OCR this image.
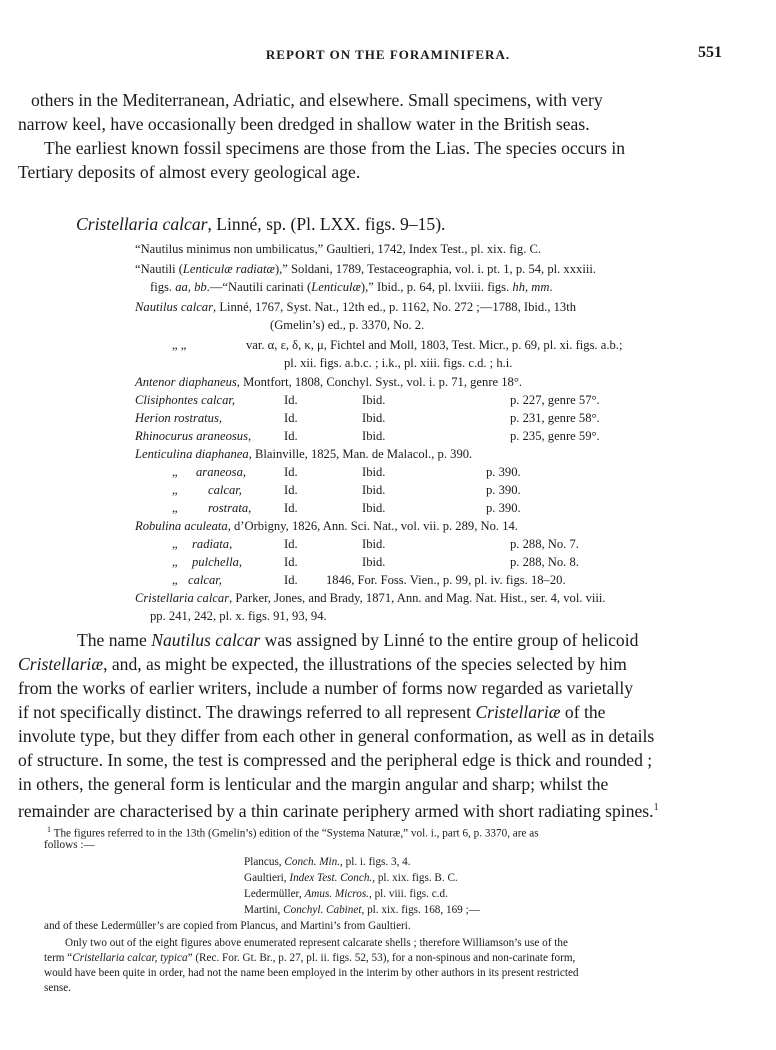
REPORT ON THE FORAMINIFERA.	551
others in the Mediterranean, Adriatic, and elsewhere. Small specimens, with very
narrow keel, have occasionally been dredged in shallow water in the British seas.
The earliest known fossil specimens are those from the Lias. The species occurs in
Tertiary deposits of almost every geological age.
Cristellaria calcar, Linné, sp. (Pl. LXX. figs. 9–15).
“Nautilus minimus non umbilicatus,” Gaultieri, 1742, Index Test., pl. xix. fig. C.
“Nautili (Lenticulæ radiatæ),” Soldani, 1789, Testaceographia, vol. i. pt. 1, p. 54, pl. xxxiii.
figs. aa, bb.—“Nautili carinati (Lenticulæ),” Ibid., p. 64, pl. lxviii. figs. hh, mm.
Nautilus calcar, Linné, 1767, Syst. Nat., 12th ed., p. 1162, No. 272 ;—1788, Ibid., 13th
(Gmelin’s) ed., p. 3370, No. 2.
„ „	var. α, ε, δ, κ, μ, Fichtel and Moll, 1803, Test. Micr., p. 69, pl. xi. figs. a.b.;
pl. xii. figs. a.b.c. ; i.k., pl. xiii. figs. c.d. ; h.i.
Antenor diaphaneus, Montfort, 1808, Conchyl. Syst., vol. i. p. 71, genre 18°.
Clisiphontes calcar,	Id.	Ibid.	p. 227, genre 57°.
Herion rostratus,	Id.	Ibid.	p. 231, genre 58°.
Rhinocurus araneosus,	Id.	Ibid.	p. 235, genre 59°.
Lenticulina diaphanea, Blainville, 1825, Man. de Malacol., p. 390.
„ araneosa,	Id.	Ibid.	p. 390.
„ calcar,	Id.	Ibid.	p. 390.
„ rostrata,	Id.	Ibid.	p. 390.
Robulina aculeata, d’Orbigny, 1826, Ann. Sci. Nat., vol. vii. p. 289, No. 14.
„ radiata,	Id.	Ibid.	p. 288, No. 7.
„ pulchella,	Id.	Ibid.	p. 288, No. 8.
„ calcar,	Id. 1846, For. Foss. Vien., p. 99, pl. iv. figs. 18–20.
Cristellaria calcar, Parker, Jones, and Brady, 1871, Ann. and Mag. Nat. Hist., ser. 4, vol. viii.
pp. 241, 242, pl. x. figs. 91, 93, 94.
The name Nautilus calcar was assigned by Linné to the entire group of helicoid
Cristellariæ, and, as might be expected, the illustrations of the species selected by him
from the works of earlier writers, include a number of forms now regarded as varietally
if not specifically distinct. The drawings referred to all represent Cristellariæ of the
involute type, but they differ from each other in general conformation, as well as in details
of structure. In some, the test is compressed and the peripheral edge is thick and rounded ;
in others, the general form is lenticular and the margin angular and sharp; whilst the
remainder are characterised by a thin carinate periphery armed with short radiating spines.$^1$
$^1$ The figures referred to in the 13th (Gmelin’s) edition of the “Systema Naturæ,” vol. i., part 6, p. 3370, are as
follows :—
Plancus, Conch. Min., pl. i. figs. 3, 4.
Gaultieri, Index Test. Conch., pl. xix. figs. B. C.
Ledermüller, Amus. Micros., pl. viii. figs. c.d.
Martini, Conchyl. Cabinet, pl. xix. figs. 168, 169 ;—
and of these Ledermüller’s are copied from Plancus, and Martini’s from Gaultieri.
Only two out of the eight figures above enumerated represent calcarate shells ; therefore Williamson’s use of the
term “Cristellaria calcar, typica” (Rec. For. Gt. Br., p. 27, pl. ii. figs. 52, 53), for a non-spinous and non-carinate form,
would have been quite in order, had not the name been employed in the interim by other authors in its present restricted
sense.
